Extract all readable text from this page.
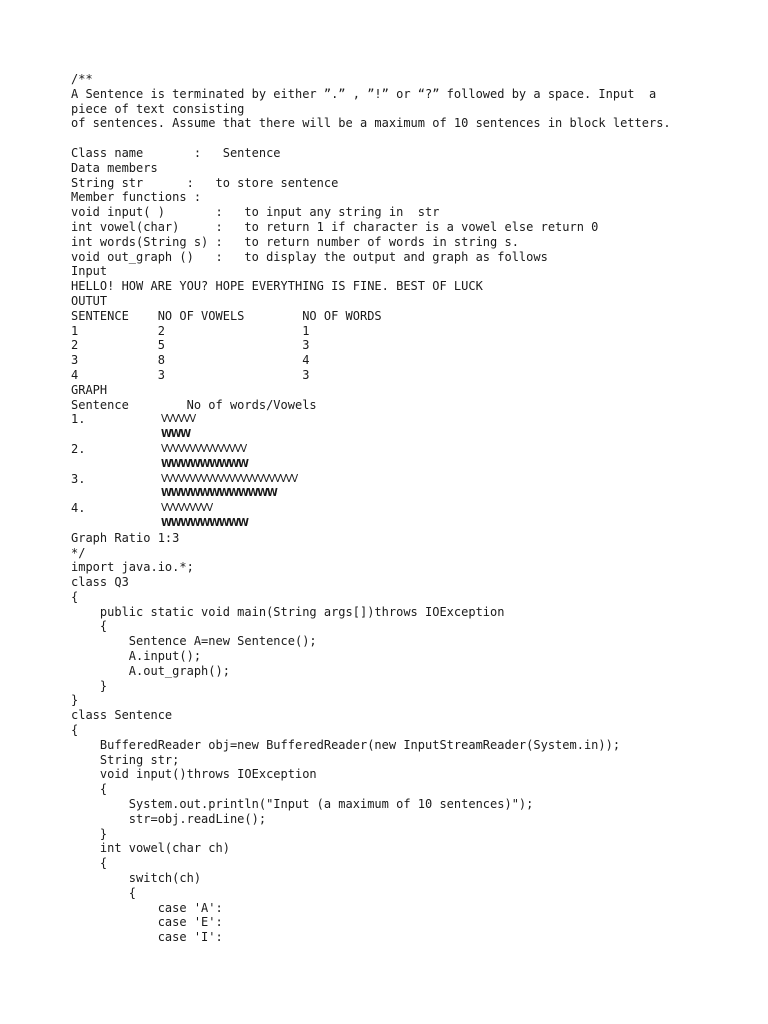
/**
A Sentence is terminated by either ”.” , ”!” or “?” followed by a space. Input  a
piece of text consisting
of sentences. Assume that there will be a maximum of 10 sentences in block letters.
Class name       :   Sentence
Data members
String str      :   to store sentence
Member functions :
void input( )       :   to input any string in  str
int vowel(char)     :   to return 1 if character is a vowel else return 0
int words(String s) :   to return number of words in string s.
void out_graph ()   :   to display the output and graph as follows
Input
HELLO! HOW ARE YOU? HOPE EVERYTHING IS FINE. BEST OF LUCK
OUTUT
SENTENCE    NO OF VOWELS        NO OF WORDS
1           2                   1
2           5                   3
3           8                   4
4           3                   3
GRAPH
Sentence        No of words/Vowels
1.	VVVVVV
WWW
2.	VVVVVVVVVVVVVVV
WWWWWWWWW
3.	VVVVVVVVVVVVVVVVVVVVVVVV
WWWWWWWWWWWW
4.	VVVVVVVVV
WWWWWWWWW
Graph Ratio 1:3
*/
import java.io.*;
class Q3
{
public static void main(String args[])throws IOException
{
Sentence A=new Sentence();
A.input();
A.out_graph();
}
}
class Sentence
{
BufferedReader obj=new BufferedReader(new InputStreamReader(System.in));
String str;
void input()throws IOException
{
System.out.println("Input (a maximum of 10 sentences)");
str=obj.readLine();
}
int vowel(char ch)
{
switch(ch)
{
case 'A':
case 'E':
case 'I':
